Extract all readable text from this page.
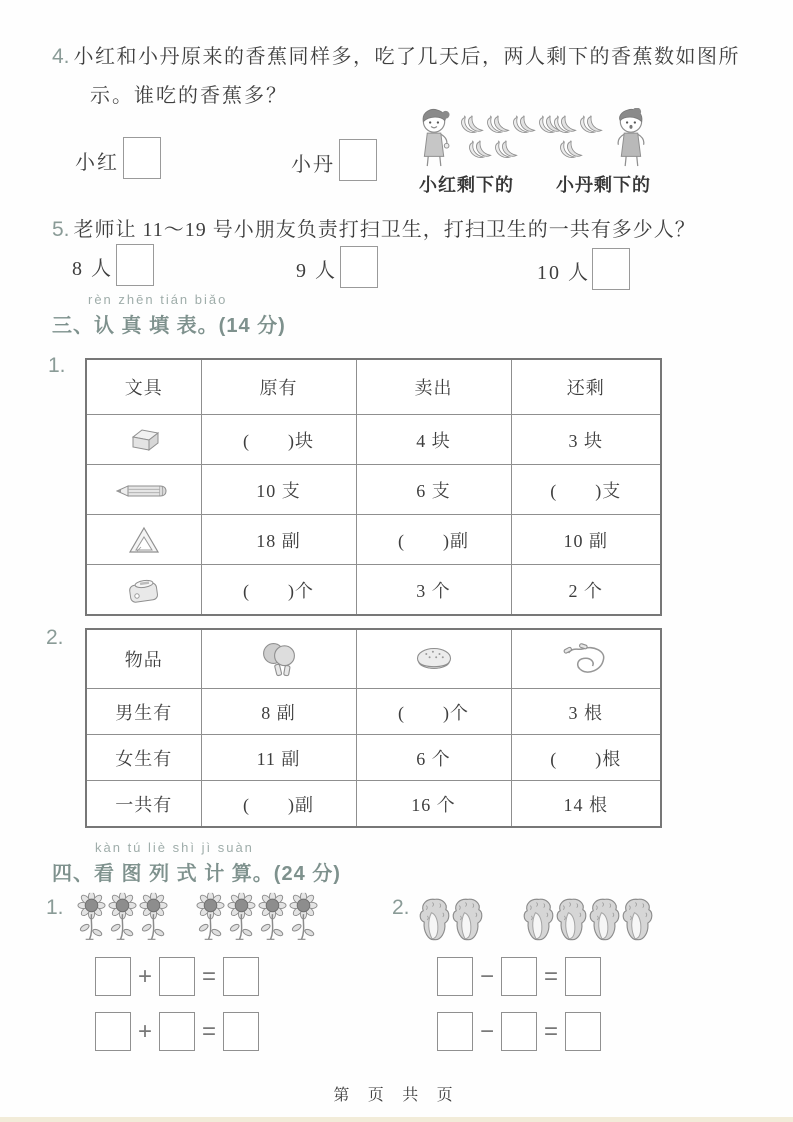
4. 小红和小丹原来的香蕉同样多，吃了几天后，两人剩下的香蕉数如图所
示。谁吃的香蕉多？
小红	小丹
小红剩下的 小丹剩下的
5. 老师让 11～19 号小朋友负责打扫卫生，打扫卫生的一共有多少人？
8 人	9 人	10 人
rèn zhēn tián biǎo
三、认 真 填 表。(14 分)
1.
文具	原有	卖出	还剩
	(　　)块	4 块	3 块
	10 支	6 支	(　　)支
	18 副	(　　)副	10 副
	(　　)个	3 个	2 个
2.
物品			
男生有	8 副	(　　)个	3 根
女生有	11 副	6 个	(　　)根
一共有	(　　)副	16 个	14 根
kàn tú liè shì jì suàn
四、看 图 列 式 计 算。(24 分)
1.	2.
+ =
+ =
− =
− =
第 页 共 页
